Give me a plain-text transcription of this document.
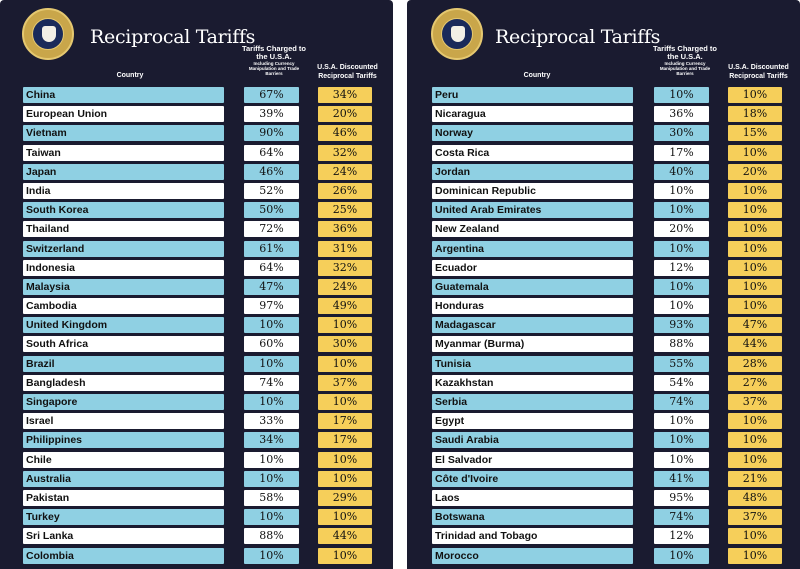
Reciprocal Tariffs
Country
Tariffs Charged to the U.S.A.
Including Currency Manipulation and Trade Barriers
U.S.A. Discounted Reciprocal Tariffs
China	67%	34%
European Union	39%	20%
Vietnam	90%	46%
Taiwan	64%	32%
Japan	46%	24%
India	52%	26%
South Korea	50%	25%
Thailand	72%	36%
Switzerland	61%	31%
Indonesia	64%	32%
Malaysia	47%	24%
Cambodia	97%	49%
United Kingdom	10%	10%
South Africa	60%	30%
Brazil	10%	10%
Bangladesh	74%	37%
Singapore	10%	10%
Israel	33%	17%
Philippines	34%	17%
Chile	10%	10%
Australia	10%	10%
Pakistan	58%	29%
Turkey	10%	10%
Sri Lanka	88%	44%
Colombia	10%	10%
Reciprocal Tariffs
Country
Tariffs Charged to the U.S.A.
Including Currency Manipulation and Trade Barriers
U.S.A. Discounted Reciprocal Tariffs
Peru	10%	10%
Nicaragua	36%	18%
Norway	30%	15%
Costa Rica	17%	10%
Jordan	40%	20%
Dominican Republic	10%	10%
United Arab Emirates	10%	10%
New Zealand	20%	10%
Argentina	10%	10%
Ecuador	12%	10%
Guatemala	10%	10%
Honduras	10%	10%
Madagascar	93%	47%
Myanmar (Burma)	88%	44%
Tunisia	55%	28%
Kazakhstan	54%	27%
Serbia	74%	37%
Egypt	10%	10%
Saudi Arabia	10%	10%
El Salvador	10%	10%
Côte d'Ivoire	41%	21%
Laos	95%	48%
Botswana	74%	37%
Trinidad and Tobago	12%	10%
Morocco	10%	10%
